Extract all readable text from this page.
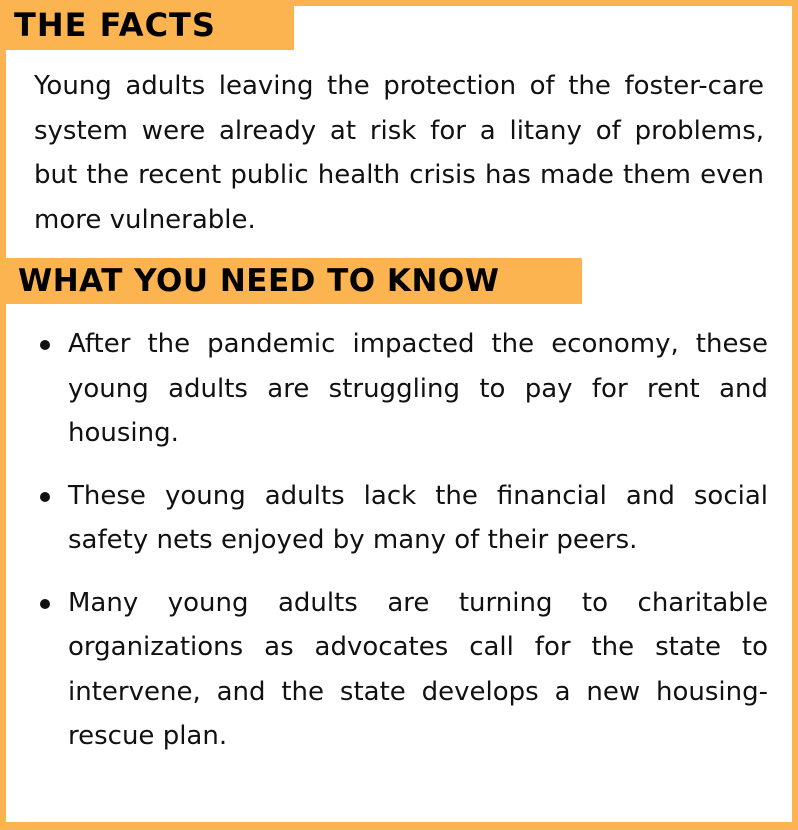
THE FACTS

Young adults leaving the protection of the foster-care system were already at risk for a litany of problems, but the recent public health crisis has made them even more vulnerable.

WHAT YOU NEED TO KNOW
After the pandemic impacted the economy, these young adults are struggling to pay for rent and housing.
These young adults lack the financial and social safety nets enjoyed by many of their peers.
Many young adults are turning to charitable organizations as advocates call for the state to intervene, and the state develops a new housing-rescue plan.
